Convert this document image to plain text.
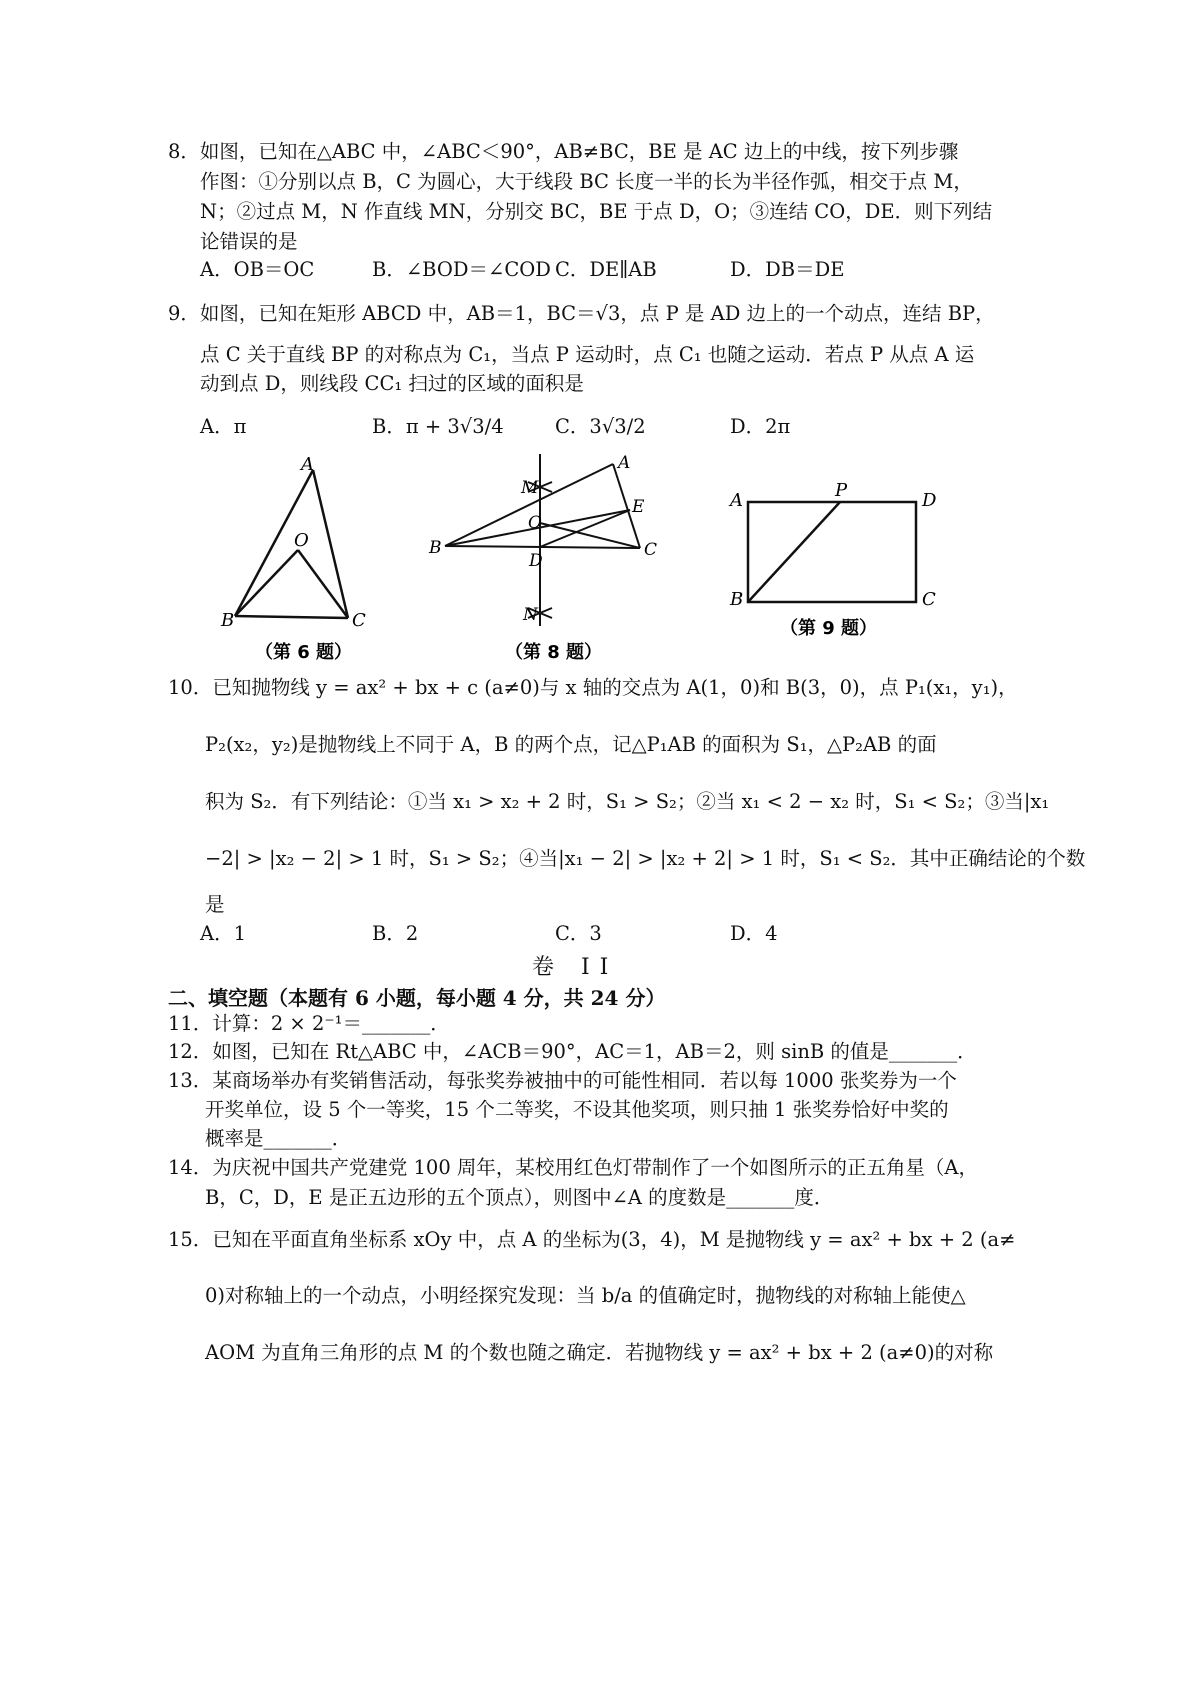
8．如图，已知在△ABC 中，∠ABC＜90°，AB≠BC，BE 是 AC 边上的中线，按下列步骤
作图：①分别以点 B，C 为圆心，大于线段 BC 长度一半的长为半径作弧，相交于点 M，
N；②过点 M，N 作直线 MN，分别交 BC，BE 于点 D，O；③连结 CO，DE．则下列结
论错误的是
A．OB＝OC	B．∠BOD＝∠COD C．DE∥AB	D．DB＝DE
9．如图，已知在矩形 ABCD 中，AB＝1，BC＝√3，点 P 是 AD 边上的一个动点，连结 BP，
点 C 关于直线 BP 的对称点为 C₁，当点 P 运动时，点 C₁ 也随之运动．若点 P 从点 A 运
动到点 D，则线段 CC₁ 扫过的区域的面积是
A．π	B．π + 3√3/4	C．3√3/2	D．2π
A
O
B	C
（第 6 题）
A
M
E
O
B
D
C
N
（第 8 题）
A	P	D
B	C
（第 9 题）
10．已知抛物线 y = ax² + bx + c (a≠0)与 x 轴的交点为 A(1，0)和 B(3，0)，点 P₁(x₁，y₁)，
P₂(x₂，y₂)是抛物线上不同于 A，B 的两个点，记△P₁AB 的面积为 S₁，△P₂AB 的面
积为 S₂．有下列结论：①当 x₁ > x₂ + 2 时，S₁ > S₂；②当 x₁ < 2 − x₂ 时，S₁ < S₂；③当|x₁
−2| > |x₂ − 2| > 1 时，S₁ > S₂；④当|x₁ − 2| > |x₂ + 2| > 1 时，S₁ < S₂．其中正确结论的个数
是
A．1	B．2	C．3	D．4
卷 II
二、填空题（本题有 6 小题，每小题 4 分，共 24 分）
11．计算：2 × 2⁻¹＝_______．
12．如图，已知在 Rt△ABC 中，∠ACB＝90°，AC＝1，AB＝2，则 sinB 的值是_______．
13．某商场举办有奖销售活动，每张奖券被抽中的可能性相同．若以每 1000 张奖券为一个
开奖单位，设 5 个一等奖，15 个二等奖，不设其他奖项，则只抽 1 张奖券恰好中奖的
概率是_______．
14．为庆祝中国共产党建党 100 周年，某校用红色灯带制作了一个如图所示的正五角星（A，
B，C，D，E 是正五边形的五个顶点），则图中∠A 的度数是_______度．
15．已知在平面直角坐标系 xOy 中，点 A 的坐标为(3，4)，M 是抛物线 y = ax² + bx + 2 (a≠
0)对称轴上的一个动点，小明经探究发现：当 b/a 的值确定时，抛物线的对称轴上能使△
AOM 为直角三角形的点 M 的个数也随之确定．若抛物线 y = ax² + bx + 2 (a≠0)的对称
